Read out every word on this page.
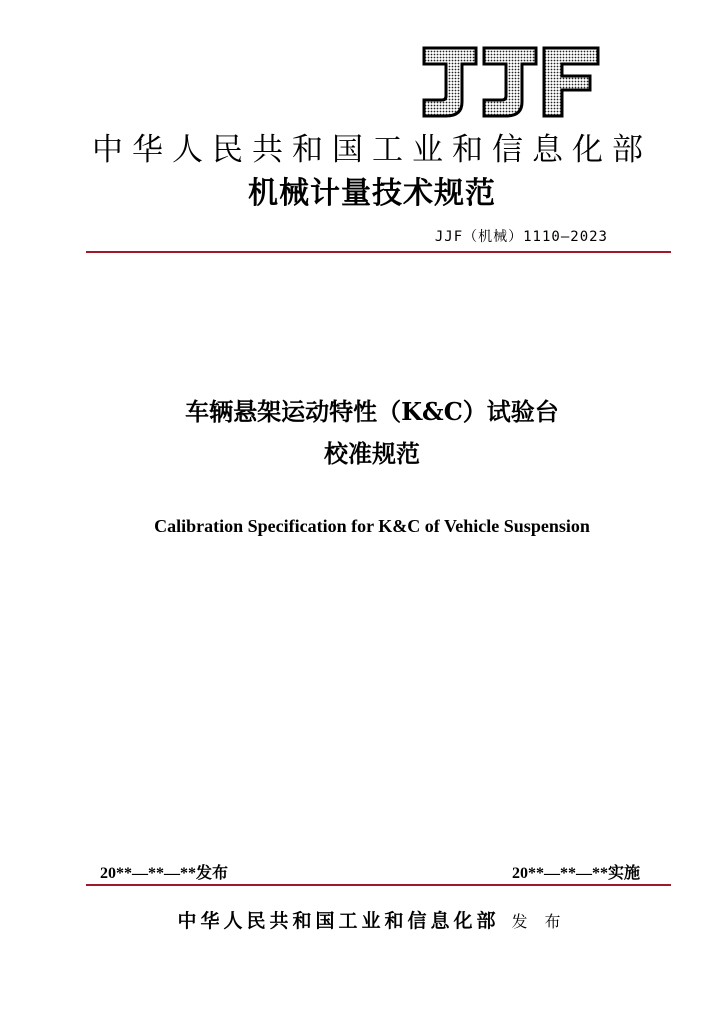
中华人民共和国工业和信息化部
机械计量技术规范
JJF（机械）1110—2023
车辆悬架运动特性（K&C）试验台
校准规范
Calibration Specification for K&C of Vehicle Suspension
20**—**—**发布	20**—**—**实施
中华人民共和国工业和信息化部 发 布
